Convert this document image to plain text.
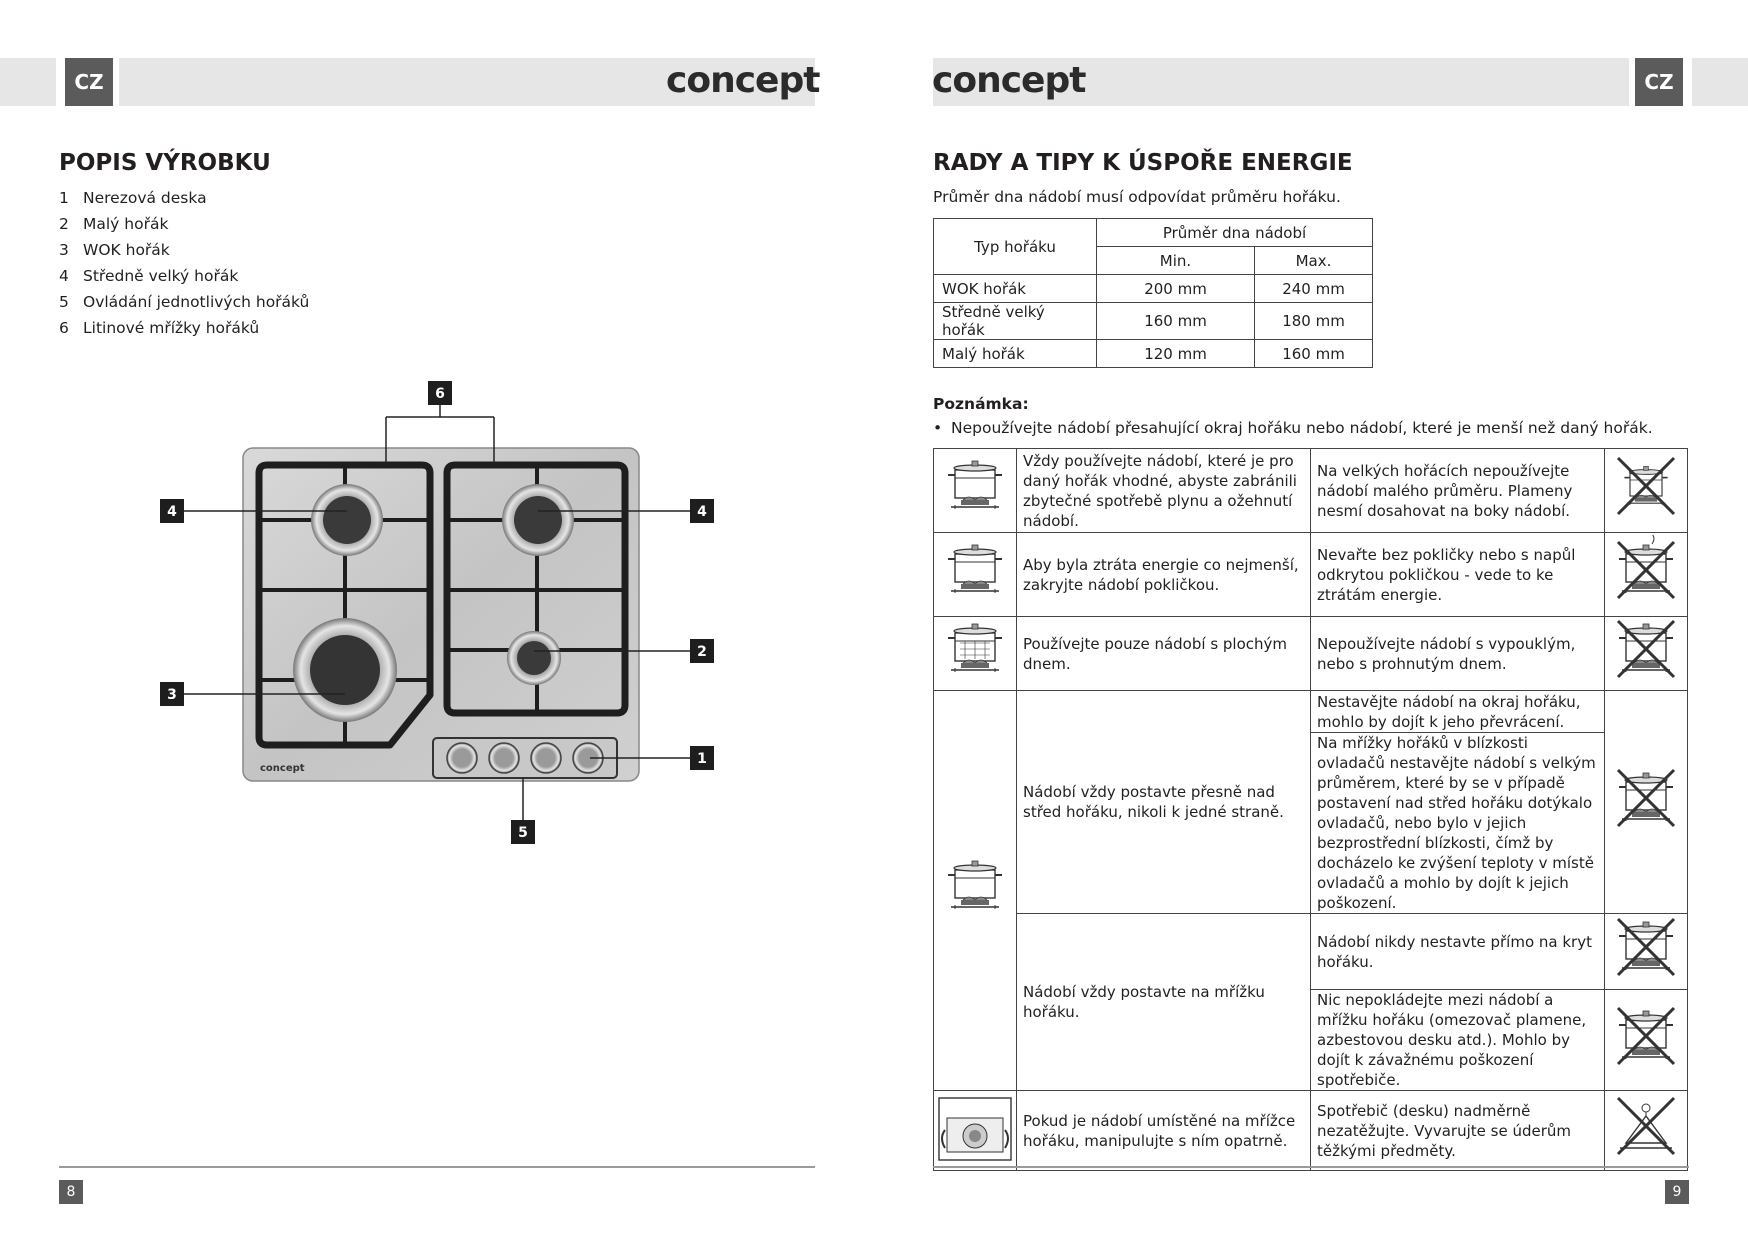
CZ	CZ
concept	concept
POPIS VÝROBKU
1 Nerezová deska
2 Malý hořák
3 WOK hořák
4 Středně velký hořák
5 Ovládání jednotlivých hořáků
6 Litinové mřížky hořáků
concept
6
4	4
2
3
1
5
8
RADY A TIPY K ÚSPOŘE ENERGIE
Průměr dna nádobí musí odpovídat průměru hořáku.
Typ hořáku	Průměr dna nádobí	
	Min.	Max.
WOK hořák	200 mm	240 mm
Středně velký hořák	160 mm	180 mm
Malý hořák	120 mm	160 mm
Poznámka:
• Nepoužívejte nádobí přesahující okraj hořáku nebo nádobí, které je menší než daný hořák.
	Vždy používejte nádobí, které je pro daný hořák vhodné, abyste zabránili zbytečné spotřebě plynu a ožehnutí nádobí.	Na velkých hořácích nepoužívejte nádobí malého průměru. Plameny nesmí dosahovat na boky nádobí.	
	Aby byla ztráta energie co nejmenší, zakryjte nádobí pokličkou.	Nevařte bez pokličky nebo s napůl odkrytou pokličkou - vede to ke ztrátám energie.	
	Používejte pouze nádobí s plochým dnem.	Nepoužívejte nádobí s vypouklým, nebo s prohnutým dnem.	
	Nádobí vždy postavte přesně nad střed hořáku, nikoli k jedné straně.	Nestavějte nádobí na okraj hořáku, mohlo by dojít k jeho převrácení.	
		Na mřížky hořáků v blízkosti ovladačů nestavějte nádobí s velkým průměrem, které by se v případě postavení nad střed hořáku dotýkalo ovladačů, nebo bylo v jejich bezprostřední blízkosti, čímž by docházelo ke zvýšení teploty v místě ovladačů a mohlo by dojít k jejich poškození.	
	Nádobí vždy postavte na mřížku hořáku.	Nádobí nikdy nestavte přímo na kryt hořáku.	
		Nic nepokládejte mezi nádobí a mřížku hořáku (omezovač plamene, azbestovou desku atd.). Mohlo by dojít k závažnému poškození spotřebiče.	
	Pokud je nádobí umístěné na mřížce hořáku, manipulujte s ním opatrně.	Spotřebič (desku) nadměrně nezatěžujte. Vyvarujte se úderům těžkými předměty.	
9
